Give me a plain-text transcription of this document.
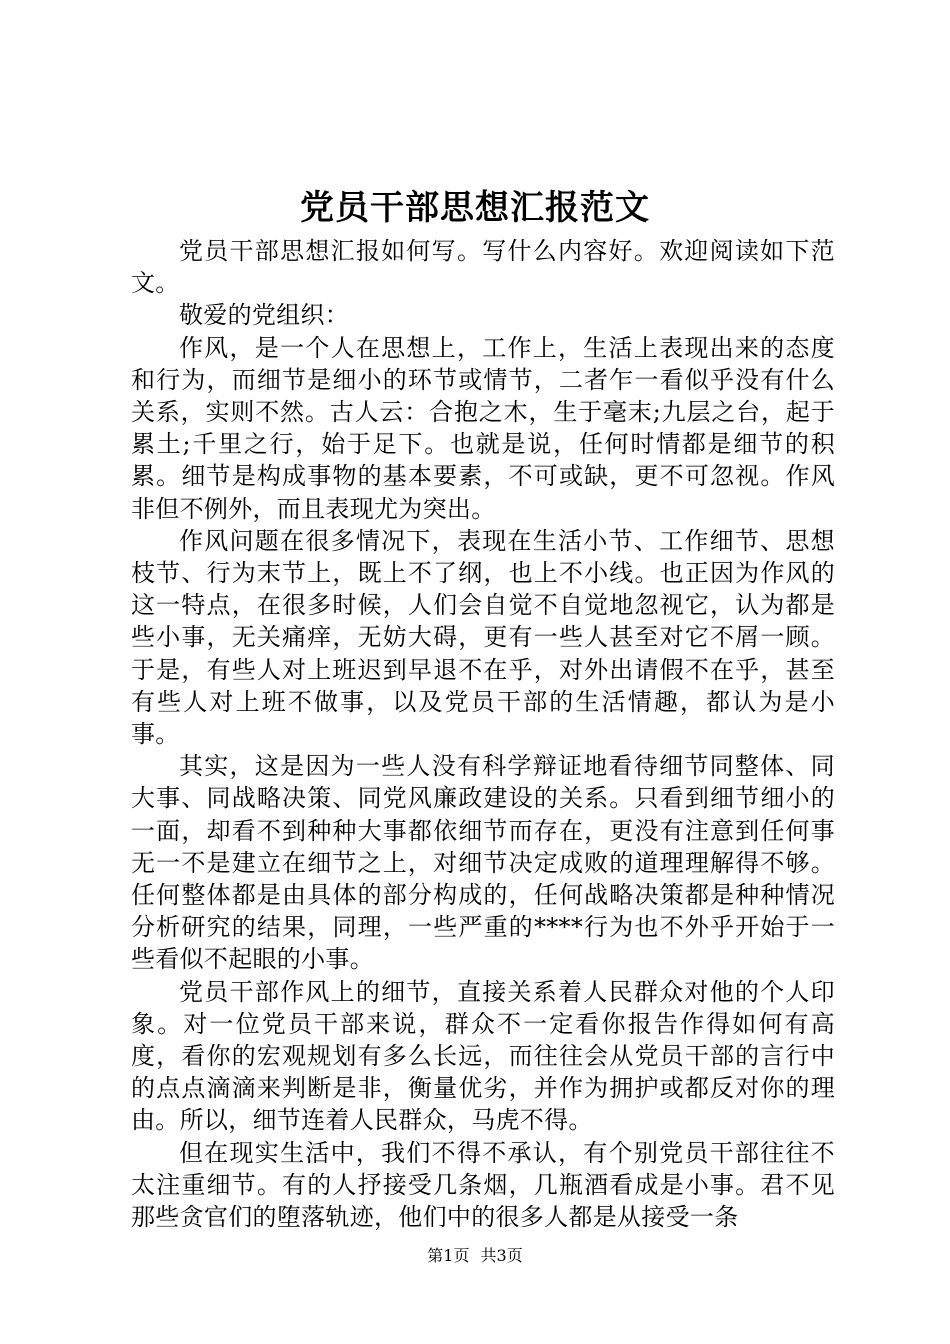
党员干部思想汇报范文

党员干部思想汇报如何写。写什么内容好。欢迎阅读如下范文。

敬爱的党组织：

作风，是一个人在思想上，工作上，生活上表现出来的态度和行为，而细节是细小的环节或情节，二者乍一看似乎没有什么关系，实则不然。古人云：合抱之木，生于毫末;九层之台，起于累土;千里之行，始于足下。也就是说，任何时情都是细节的积累。细节是构成事物的基本要素，不可或缺，更不可忽视。作风非但不例外，而且表现尤为突出。

作风问题在很多情况下，表现在生活小节、工作细节、思想枝节、行为末节上，既上不了纲，也上不小线。也正因为作风的这一特点，在很多时候，人们会自觉不自觉地忽视它，认为都是些小事，无关痛痒，无妨大碍，更有一些人甚至对它不屑一顾。于是，有些人对上班迟到早退不在乎，对外出请假不在乎，甚至有些人对上班不做事，以及党员干部的生活情趣，都认为是小事。

其实，这是因为一些人没有科学辩证地看待细节同整体、同大事、同战略决策、同党风廉政建设的关系。只看到细节细小的一面，却看不到种种大事都依细节而存在，更没有注意到任何事无一不是建立在细节之上，对细节决定成败的道理理解得不够。任何整体都是由具体的部分构成的，任何战略决策都是种种情况分析研究的结果，同理，一些严重的****行为也不外乎开始于一些看似不起眼的小事。

党员干部作风上的细节，直接关系着人民群众对他的个人印象。对一位党员干部来说，群众不一定看你报告作得如何有高度，看你的宏观规划有多么长远，而往往会从党员干部的言行中的点点滴滴来判断是非，衡量优劣，并作为拥护或都反对你的理由。所以，细节连着人民群众，马虎不得。

但在现实生活中，我们不得不承认，有个别党员干部往往不太注重细节。有的人抒接受几条烟，几瓶酒看成是小事。君不见那些贪官们的堕落轨迹，他们中的很多人都是从接受一条

第1页 共3页
